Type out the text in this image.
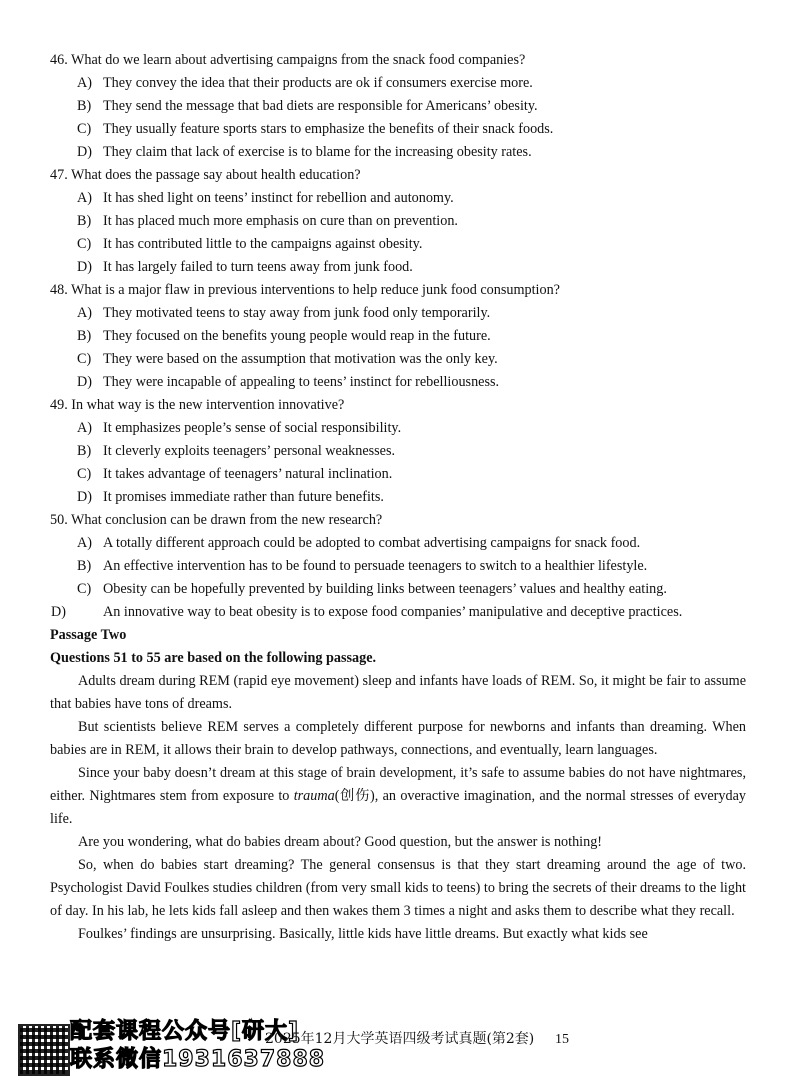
46. What do we learn about advertising campaigns from the snack food companies?
A) They convey the idea that their products are ok if consumers exercise more.
B) They send the message that bad diets are responsible for Americans’ obesity.
C) They usually feature sports stars to emphasize the benefits of their snack foods.
D) They claim that lack of exercise is to blame for the increasing obesity rates.
47. What does the passage say about health education?
A) It has shed light on teens’ instinct for rebellion and autonomy.
B) It has placed much more emphasis on cure than on prevention.
C) It has contributed little to the campaigns against obesity.
D) It has largely failed to turn teens away from junk food.
48. What is a major flaw in previous interventions to help reduce junk food consumption?
A) They motivated teens to stay away from junk food only temporarily.
B) They focused on the benefits young people would reap in the future.
C) They were based on the assumption that motivation was the only key.
D) They were incapable of appealing to teens’ instinct for rebelliousness.
49. In what way is the new intervention innovative?
A) It emphasizes people’s sense of social responsibility.
B) It cleverly exploits teenagers’ personal weaknesses.
C) It takes advantage of teenagers’ natural inclination.
D) It promises immediate rather than future benefits.
50. What conclusion can be drawn from the new research?
A) A totally different approach could be adopted to combat advertising campaigns for snack food.
B) An effective intervention has to be found to persuade teenagers to switch to a healthier lifestyle.
C) Obesity can be hopefully prevented by building links between teenagers’ values and healthy eating.
D)	An innovative way to beat obesity is to expose food companies’ manipulative and deceptive practices.
Passage Two
Questions 51 to 55 are based on the following passage.

Adults dream during REM (rapid eye movement) sleep and infants have loads of REM. So, it might be fair to assume that babies have tons of dreams.

But scientists believe REM serves a completely different purpose for newborns and infants than dreaming. When babies are in REM, it allows their brain to develop pathways, connections, and eventually, learn languages.

Since your baby doesn’t dream at this stage of brain development, it’s safe to assume babies do not have nightmares, either. Nightmares stem from exposure to trauma(创伤), an overactive imagination, and the normal stresses of everyday life.

Are you wondering, what do babies dream about? Good question, but the answer is nothing!

So, when do babies start dreaming? The general consensus is that they start dreaming around the age of two. Psychologist David Foulkes studies children (from very small kids to teens) to bring the secrets of their dreams to the light of day. In his lab, he lets kids fall asleep and then wakes them 3 times a night and asks them to describe what they recall.

Foulkes’ findings are unsurprising. Basically, little kids have little dreams. But exactly what kids see

配套课程公众号[研大]
联系微信1931637888
2025年12月大学英语四级考试真题(第2套) 15
